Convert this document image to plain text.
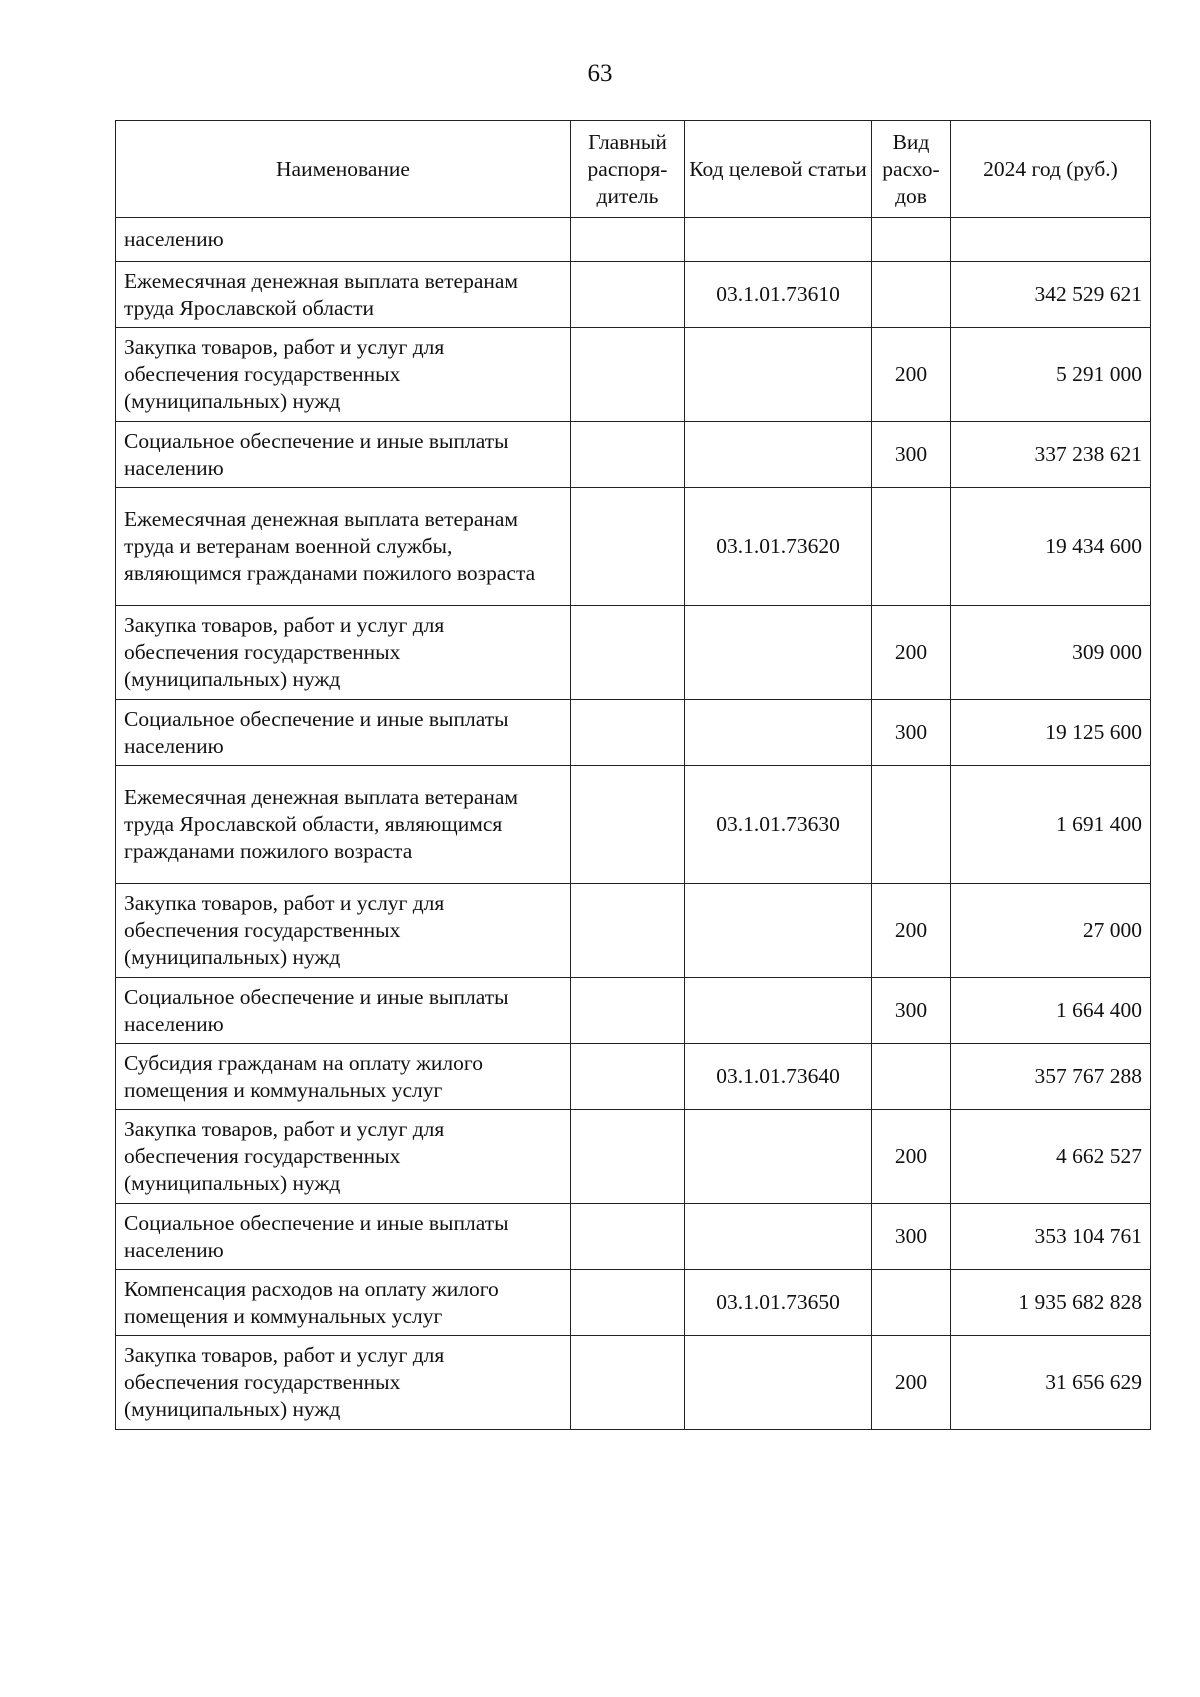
63
Наименование	Главный распоря-дитель	Код целевой статьи	Вид расхо-дов	2024 год (руб.)
населению				
Ежемесячная денежная выплата ветеранам труда Ярославской области		03.1.01.73610		342 529 621
Закупка товаров, работ и услуг для обеспечения государственных (муниципальных) нужд			200	5 291 000
Социальное обеспечение и иные выплаты населению			300	337 238 621
Ежемесячная денежная выплата ветеранам труда и ветеранам военной службы, являющимся гражданами пожилого возраста		03.1.01.73620		19 434 600
Закупка товаров, работ и услуг для обеспечения государственных (муниципальных) нужд			200	309 000
Социальное обеспечение и иные выплаты населению			300	19 125 600
Ежемесячная денежная выплата ветеранам труда Ярославской области, являющимся гражданами пожилого возраста		03.1.01.73630		1 691 400
Закупка товаров, работ и услуг для обеспечения государственных (муниципальных) нужд			200	27 000
Социальное обеспечение и иные выплаты населению			300	1 664 400
Субсидия гражданам на оплату жилого помещения и коммунальных услуг		03.1.01.73640		357 767 288
Закупка товаров, работ и услуг для обеспечения государственных (муниципальных) нужд			200	4 662 527
Социальное обеспечение и иные выплаты населению			300	353 104 761
Компенсация расходов на оплату жилого помещения и коммунальных услуг		03.1.01.73650		1 935 682 828
Закупка товаров, работ и услуг для обеспечения государственных (муниципальных) нужд			200	31 656 629
